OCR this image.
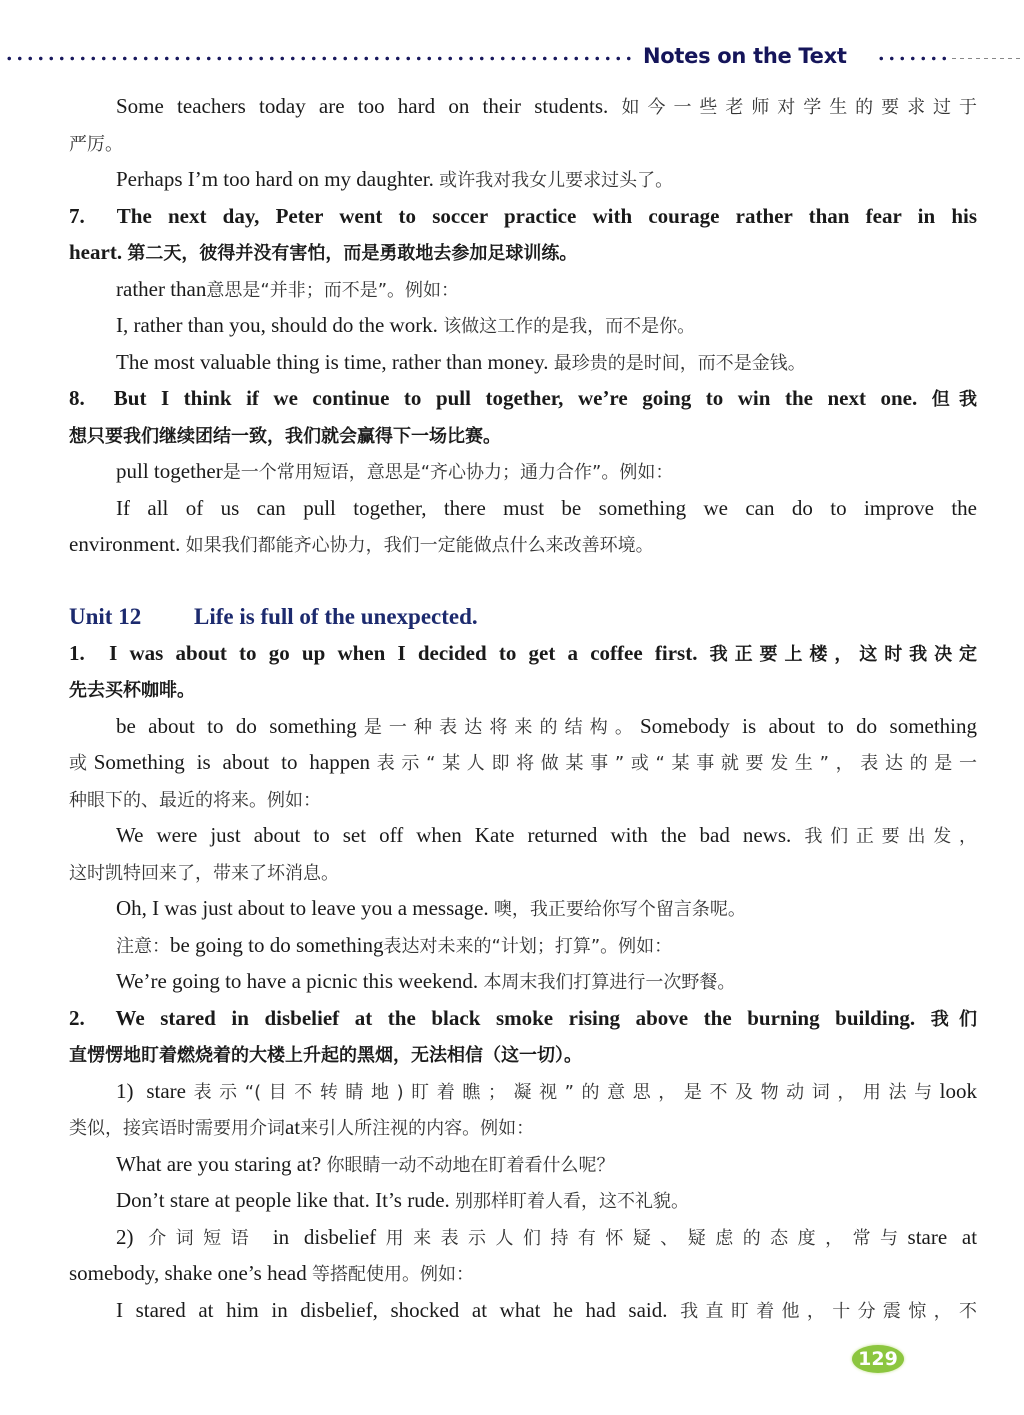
Notes on the Text
Some teachers today are too hard on their students. 如今一些老师对学生的要求过于
严厉。
Perhaps I’m too hard on my daughter. 或许我对我女儿要求过头了。
7. The next day, Peter went to soccer practice with courage rather than fear in his
heart. 第二天，彼得并没有害怕，而是勇敢地去参加足球训练。
rather than意思是“并非；而不是”。例如：
I, rather than you, should do the work. 该做这工作的是我，而不是你。
The most valuable thing is time, rather than money. 最珍贵的是时间，而不是金钱。
8. But I think if we continue to pull together, we’re going to win the next one. 但我
想只要我们继续团结一致，我们就会赢得下一场比赛。
pull together是一个常用短语，意思是“齐心协力；通力合作”。例如：
If all of us can pull together, there must be something we can do to improve the
environment. 如果我们都能齐心协力，我们一定能做点什么来改善环境。
Unit 12 Life is full of the unexpected.
1. I was about to go up when I decided to get a coffee first. 我正要上楼，这时我决定
先去买杯咖啡。
be about to do something是一种表达将来的结构。Somebody is about to do something
或Something is about to happen表示“某人即将做某事”或“某事就要发生”，表达的是一
种眼下的、最近的将来。例如：
We were just about to set off when Kate returned with the bad news. 我们正要出发，
这时凯特回来了，带来了坏消息。
Oh, I was just about to leave you a message. 噢，我正要给你写个留言条呢。
注意：be going to do something表达对未来的“计划；打算”。例如：
We’re going to have a picnic this weekend. 本周末我们打算进行一次野餐。
2. We stared in disbelief at the black smoke rising above the burning building. 我们
直愣愣地盯着燃烧着的大楼上升起的黑烟，无法相信（这一切）。
1) stare表示“(目不转睛地)盯着瞧；凝视”的意思，是不及物动词，用法与look
类似，接宾语时需要用介词at来引人所注视的内容。例如：
What are you staring at? 你眼睛一动不动地在盯着看什么呢？
Don’t stare at people like that. It’s rude. 别那样盯着人看，这不礼貌。
2) 介词短语 in disbelief用来表示人们持有怀疑、疑虑的态度，常与stare at
somebody, shake one’s head 等搭配使用。例如：
I stared at him in disbelief, shocked at what he had said. 我直盯着他，十分震惊，不
129
